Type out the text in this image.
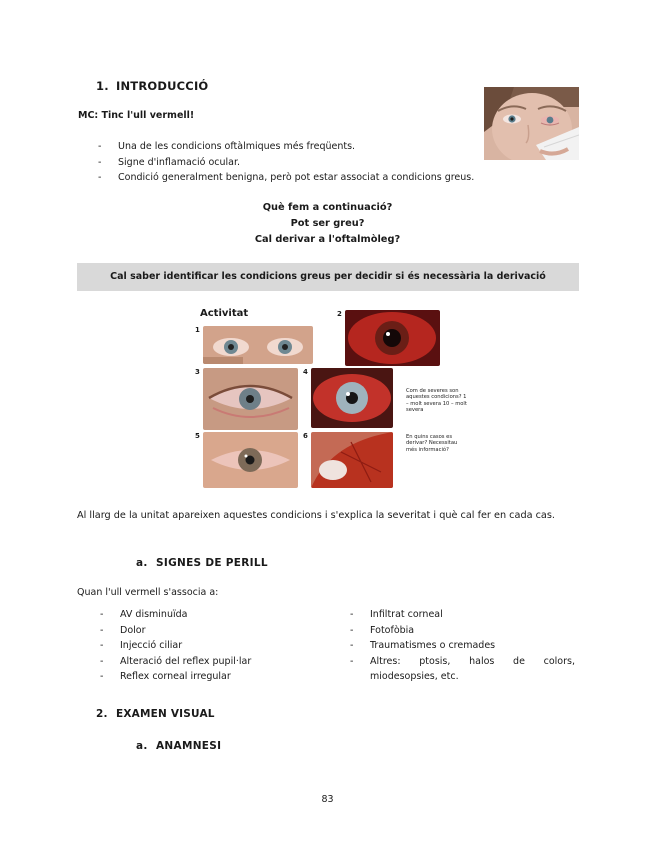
1. INTRODUCCIÓ
MC: Tinc l'ull vermell!
- Una de les condicions oftàlmiques més freqüents.
- Signe d'inflamació ocular.
- Condició generalment benigna, però pot estar associat a condicions greus.
Què fem a continuació?
Pot ser greu?
Cal derivar a l'oftalmòleg?
Cal saber identificar les condicions greus per decidir si és necessària la derivació
Activitat
1
2
3	4
Com de severes son aquestes condicions? 1 – molt severa 10 – molt severa
5	6	En quins casos es derivar? Necessitau més informació?
Al llarg de la unitat apareixen aquestes condicions i s'explica la severitat i què cal fer en cada cas.
a. SIGNES DE PERILL
Quan l'ull vermell s'associa a:
- AV disminuïda
- Dolor
- Injecció ciliar
- Alteració del reflex pupil·lar
- Reflex corneal irregular
- Infiltrat corneal
- Fotofòbia
- Traumatismes o cremades
-	Altres: ptosis, halos de colors, miodesopsies, etc.
2. EXAMEN VISUAL
a. ANAMNESI
83
